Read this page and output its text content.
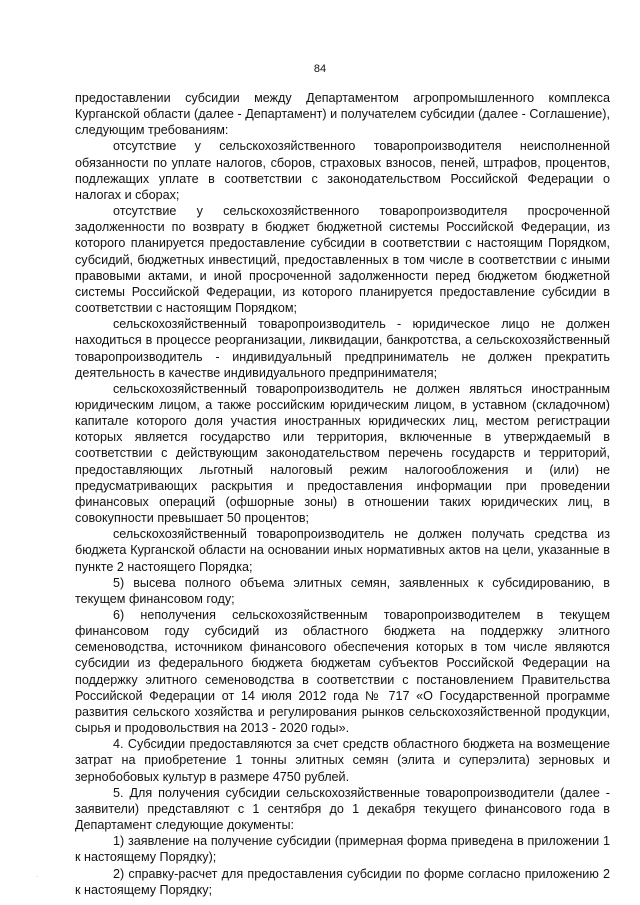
84

предоставлении субсидии между Департаментом агропромышленного комплекса Курганской области (далее - Департамент) и получателем субсидии (далее - Соглашение), следующим требованиям:

отсутствие у сельскохозяйственного товаропроизводителя неисполненной обязанности по уплате налогов, сборов, страховых взносов, пеней, штрафов, процентов, подлежащих уплате в соответствии с законодательством Российской Федерации о налогах и сборах;

отсутствие у сельскохозяйственного товаропроизводителя просроченной задолженности по возврату в бюджет бюджетной системы Российской Федерации, из которого планируется предоставление субсидии в соответствии с настоящим Порядком, субсидий, бюджетных инвестиций, предоставленных в том числе в соответствии с иными правовыми актами, и иной просроченной задолженности перед бюджетом бюджетной системы Российской Федерации, из которого планируется предоставление субсидии в соответствии с настоящим Порядком;

сельскохозяйственный товаропроизводитель - юридическое лицо не должен находиться в процессе реорганизации, ликвидации, банкротства, а сельскохозяйственный товаропроизводитель - индивидуальный предприниматель не должен прекратить деятельность в качестве индивидуального предпринимателя;

сельскохозяйственный товаропроизводитель не должен являться иностранным юридическим лицом, а также российским юридическим лицом, в уставном (складочном) капитале которого доля участия иностранных юридических лиц, местом регистрации которых является государство или территория, включенные в утверждаемый в соответствии с действующим законодательством перечень государств и территорий, предоставляющих льготный налоговый режим налогообложения и (или) не предусматривающих раскрытия и предоставления информации при проведении финансовых операций (офшорные зоны) в отношении таких юридических лиц, в совокупности превышает 50 процентов;

сельскохозяйственный товаропроизводитель не должен получать средства из бюджета Курганской области на основании иных нормативных актов на цели, указанные в пункте 2 настоящего Порядка;

5) высева полного объема элитных семян, заявленных к субсидированию, в текущем финансовом году;

6) неполучения сельскохозяйственным товаропроизводителем в текущем финансовом году субсидий из областного бюджета на поддержку элитного семеноводства, источником финансового обеспечения которых в том числе являются субсидии из федерального бюджета бюджетам субъектов Российской Федерации на поддержку элитного семеноводства в соответствии с постановлением Правительства Российской Федерации от 14 июля 2012 года № 717 «О Государственной программе развития сельского хозяйства и регулирования рынков сельскохозяйственной продукции, сырья и продовольствия на 2013 - 2020 годы».

4. Субсидии предоставляются за счет средств областного бюджета на возмещение затрат на приобретение 1 тонны элитных семян (элита и суперэлита) зерновых и зернобобовых культур в размере 4750 рублей.

5. Для получения субсидии сельскохозяйственные товаропроизводители (далее - заявители) представляют с 1 сентября до 1 декабря текущего финансового года в Департамент следующие документы:

1) заявление на получение субсидии (примерная форма приведена в приложении 1 к настоящему Порядку);

2) справку-расчет для предоставления субсидии по форме согласно приложению 2 к настоящему Порядку;

·
